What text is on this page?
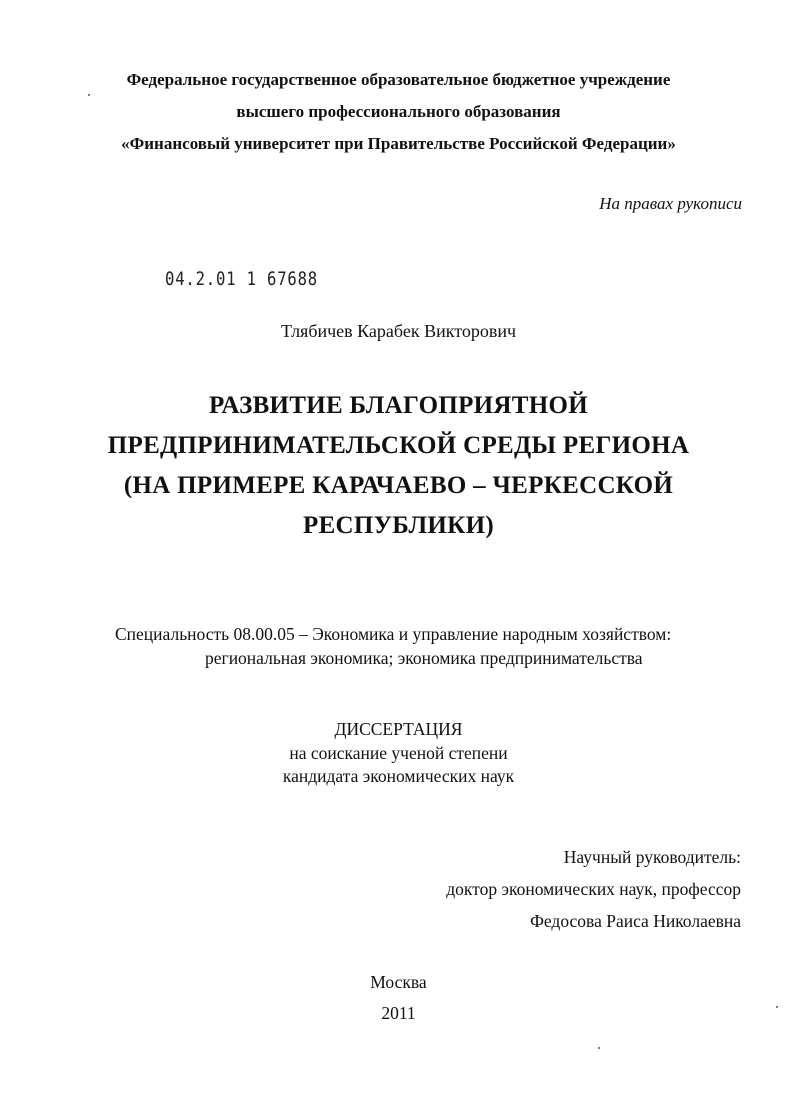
Федеральное государственное образовательное бюджетное учреждение
высшего профессионального образования
«Финансовый университет при Правительстве Российской Федерации»
На правах рукописи
04.2.01 1 67688
Тлябичев Карабек Викторович
РАЗВИТИЕ БЛАГОПРИЯТНОЙ
ПРЕДПРИНИМАТЕЛЬСКОЙ СРЕДЫ РЕГИОНА
(НА ПРИМЕРЕ КАРАЧАЕВО – ЧЕРКЕССКОЙ
РЕСПУБЛИКИ)
Специальность 08.00.05 – Экономика и управление народным хозяйством:
региональная экономика; экономика предпринимательства
ДИССЕРТАЦИЯ
на соискание ученой степени
кандидата экономических наук
Научный руководитель:
доктор экономических наук, профессор
Федосова Раиса Николаевна
Москва
2011
